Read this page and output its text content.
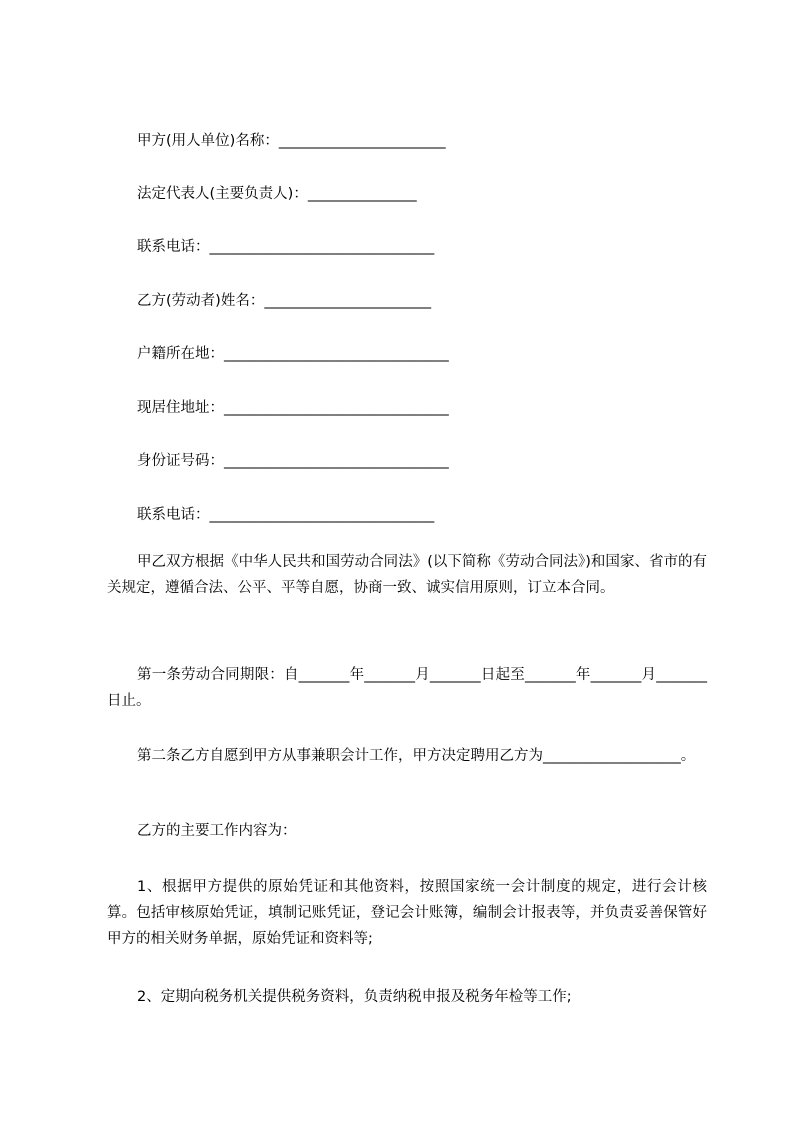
甲方(用人单位)名称：_______________________
法定代表人(主要负责人)：_______________
联系电话：_______________________________
乙方(劳动者)姓名：_______________________
户籍所在地：_______________________________
现居住地址：_______________________________
身份证号码：_______________________________
联系电话：_______________________________
甲乙双方根据《中华人民共和国劳动合同法》(以下简称《劳动合同法》)和国家、省市的有关规定，遵循合法、公平、平等自愿，协商一致、诚实信用原则，订立本合同。
第一条劳动合同期限：自_______年_______月_______日起至_______年_______月_______日止。
第二条乙方自愿到甲方从事兼职会计工作，甲方决定聘用乙方为___________________。
乙方的主要工作内容为：
1、根据甲方提供的原始凭证和其他资料，按照国家统一会计制度的规定，进行会计核算。包括审核原始凭证，填制记账凭证，登记会计账簿，编制会计报表等，并负责妥善保管好甲方的相关财务单据，原始凭证和资料等;
2、定期向税务机关提供税务资料，负责纳税申报及税务年检等工作;
